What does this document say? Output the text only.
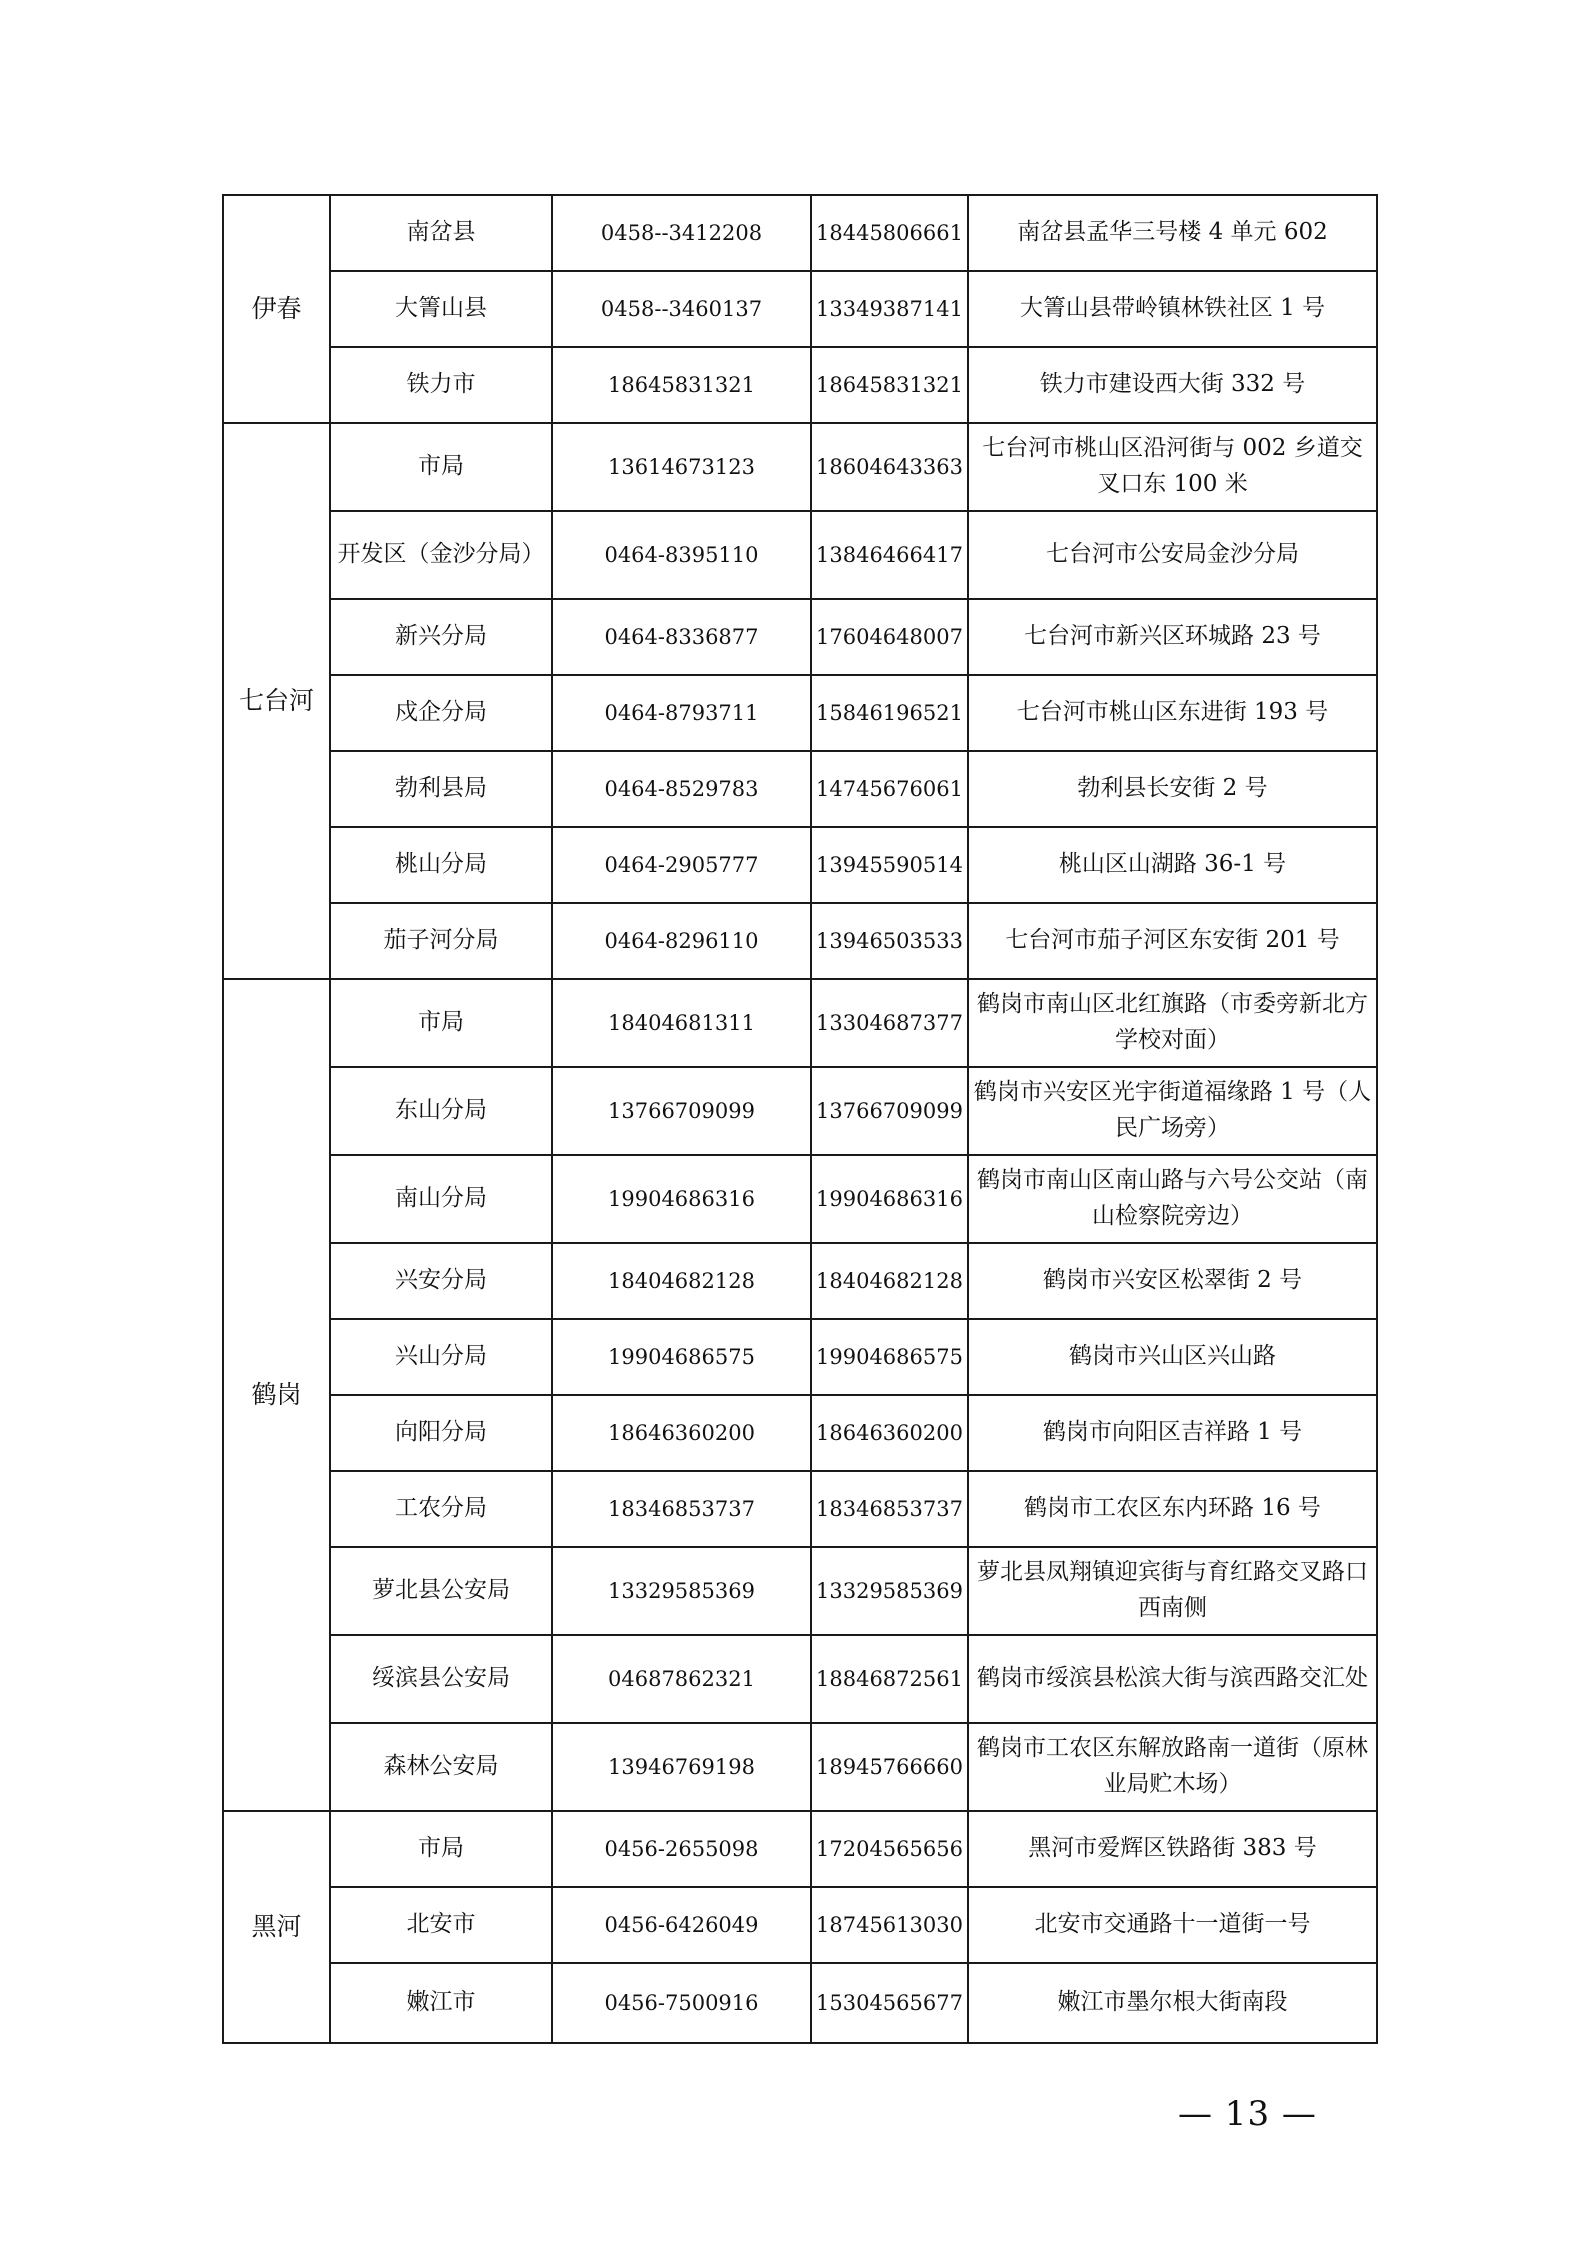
伊春	南岔县	0458--3412208	18445806661	南岔县孟华三号楼 4 单元 602
	大箐山县	0458--3460137	13349387141	大箐山县带岭镇林铁社区 1 号
	铁力市	18645831321	18645831321	铁力市建设西大街 332 号
七台河	市局	13614673123	18604643363	七台河市桃山区沿河街与 002 乡道交叉口东 100 米
	开发区（金沙分局）	0464-8395110	13846466417	七台河市公安局金沙分局
	新兴分局	0464-8336877	17604648007	七台河市新兴区环城路 23 号
	戍企分局	0464-8793711	15846196521	七台河市桃山区东进街 193 号
	勃利县局	0464-8529783	14745676061	勃利县长安街 2 号
	桃山分局	0464-2905777	13945590514	桃山区山湖路 36-1 号
	茄子河分局	0464-8296110	13946503533	七台河市茄子河区东安街 201 号
鹤岗	市局	18404681311	13304687377	鹤岗市南山区北红旗路（市委旁新北方学校对面）
	东山分局	13766709099	13766709099	鹤岗市兴安区光宇街道福缘路 1 号（人民广场旁）
	南山分局	19904686316	19904686316	鹤岗市南山区南山路与六号公交站（南山检察院旁边）
	兴安分局	18404682128	18404682128	鹤岗市兴安区松翠街 2 号
	兴山分局	19904686575	19904686575	鹤岗市兴山区兴山路
	向阳分局	18646360200	18646360200	鹤岗市向阳区吉祥路 1 号
	工农分局	18346853737	18346853737	鹤岗市工农区东内环路 16 号
	萝北县公安局	13329585369	13329585369	萝北县凤翔镇迎宾街与育红路交叉路口西南侧
	绥滨县公安局	04687862321	18846872561	鹤岗市绥滨县松滨大街与滨西路交汇处
	森林公安局	13946769198	18945766660	鹤岗市工农区东解放路南一道街（原林业局贮木场）
黑河	市局	0456-2655098	17204565656	黑河市爱辉区铁路街 383 号
	北安市	0456-6426049	18745613030	北安市交通路十一道街一号
	嫩江市	0456-7500916	15304565677	嫩江市墨尔根大街南段
— 13 —
